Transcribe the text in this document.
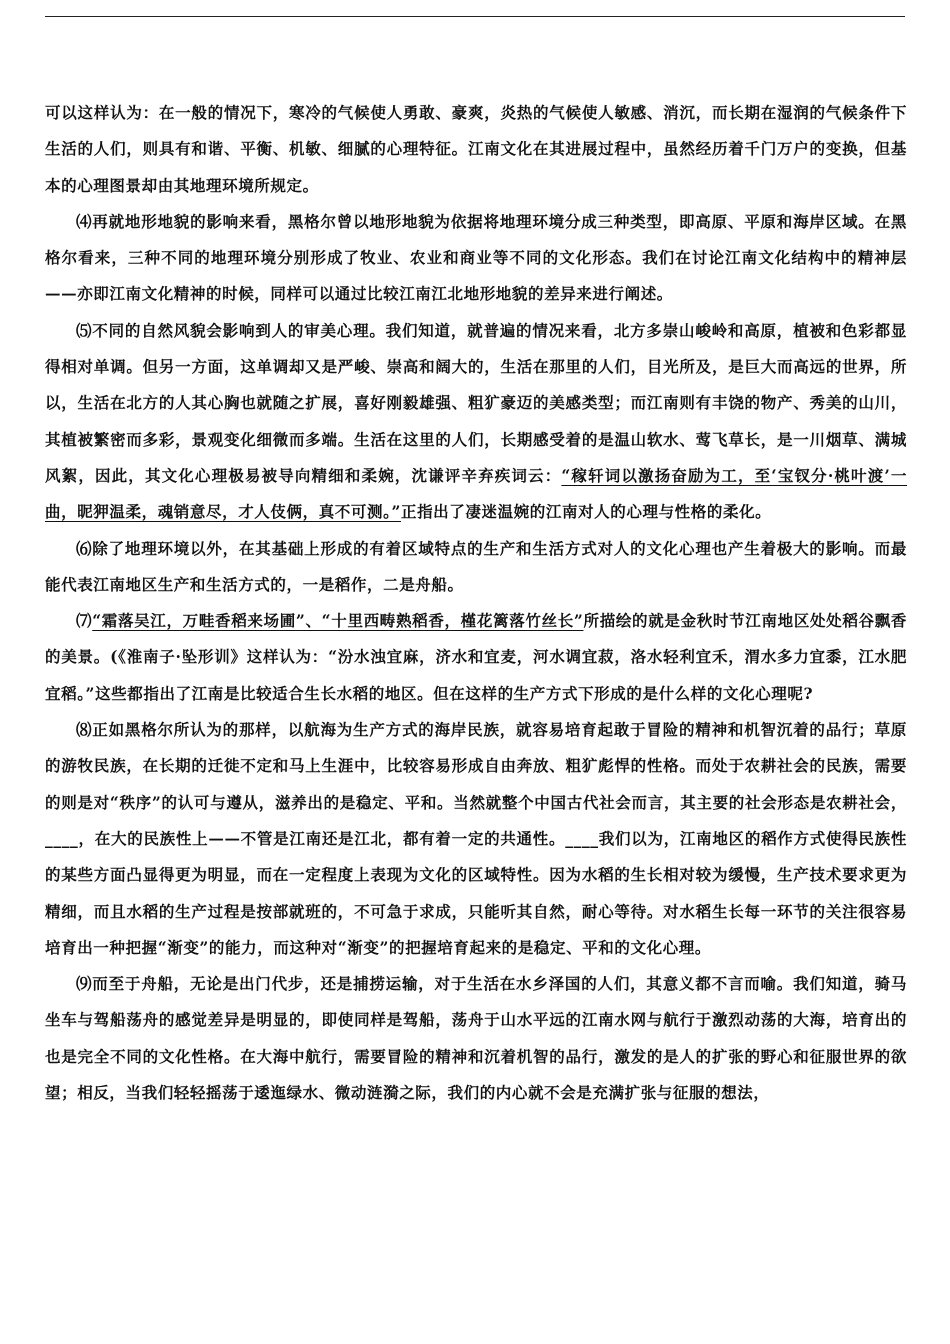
可以这样认为：在一般的情况下，寒冷的气候使人勇敢、豪爽，炎热的气候使人敏感、消沉，而长期在湿润的气候条件下生活的人们，则具有和谐、平衡、机敏、细腻的心理特征。江南文化在其进展过程中，虽然经历着千门万户的变换，但基本的心理图景却由其地理环境所规定。

⑷再就地形地貌的影响来看，黑格尔曾以地形地貌为依据将地理环境分成三种类型，即高原、平原和海岸区域。在黑格尔看来，三种不同的地理环境分别形成了牧业、农业和商业等不同的文化形态。我们在讨论江南文化结构中的精神层——亦即江南文化精神的时候，同样可以通过比较江南江北地形地貌的差异来进行阐述。

⑸不同的自然风貌会影响到人的审美心理。我们知道，就普遍的情况来看，北方多崇山峻岭和高原，植被和色彩都显得相对单调。但另一方面，这单调却又是严峻、崇高和阔大的，生活在那里的人们，目光所及，是巨大而高远的世界，所以，生活在北方的人其心胸也就随之扩展，喜好刚毅雄强、粗犷豪迈的美感类型；而江南则有丰饶的物产、秀美的山川，其植被繁密而多彩，景观变化细微而多端。生活在这里的人们，长期感受着的是温山软水、莺飞草长，是一川烟草、满城风絮，因此，其文化心理极易被导向精细和柔婉，沈谦评辛弃疾词云：“稼轩词以激扬奋励为工，至‘宝钗分·桃叶渡’一曲，昵狎温柔，魂销意尽，才人伎俩，真不可测。”正指出了凄迷温婉的江南对人的心理与性格的柔化。

⑹除了地理环境以外，在其基础上形成的有着区域特点的生产和生活方式对人的文化心理也产生着极大的影响。而最能代表江南地区生产和生活方式的，一是稻作，二是舟船。

⑺“霜落吴江，万畦香稻来场圃”、“十里西畴熟稻香，槿花篱落竹丝长”所描绘的就是金秋时节江南地区处处稻谷飘香的美景。(《淮南子·坠形训》这样认为：“汾水浊宜麻，济水和宜麦，河水调宜菽，洛水轻利宜禾，渭水多力宜黍，江水肥宜稻。”这些都指出了江南是比较适合生长水稻的地区。但在这样的生产方式下形成的是什么样的文化心理呢?

⑻正如黑格尔所认为的那样，以航海为生产方式的海岸民族，就容易培育起敢于冒险的精神和机智沉着的品行；草原的游牧民族，在长期的迁徙不定和马上生涯中，比较容易形成自由奔放、粗犷彪悍的性格。而处于农耕社会的民族，需要的则是对“秩序”的认可与遵从，滋养出的是稳定、平和。当然就整个中国古代社会而言，其主要的社会形态是农耕社会，____，在大的民族性上——不管是江南还是江北，都有着一定的共通性。____我们以为，江南地区的稻作方式使得民族性的某些方面凸显得更为明显，而在一定程度上表现为文化的区域特性。因为水稻的生长相对较为缓慢，生产技术要求更为精细，而且水稻的生产过程是按部就班的，不可急于求成，只能听其自然，耐心等待。对水稻生长每一环节的关注很容易培育出一种把握“渐变”的能力，而这种对“渐变”的把握培育起来的是稳定、平和的文化心理。

⑼而至于舟船，无论是出门代步，还是捕捞运输，对于生活在水乡泽国的人们，其意义都不言而喻。我们知道，骑马坐车与驾船荡舟的感觉差异是明显的，即使同样是驾船，荡舟于山水平远的江南水网与航行于激烈动荡的大海，培育出的也是完全不同的文化性格。在大海中航行，需要冒险的精神和沉着机智的品行，激发的是人的扩张的野心和征服世界的欲望；相反，当我们轻轻摇荡于逶迤绿水、微动涟漪之际，我们的内心就不会是充满扩张与征服的想法，
